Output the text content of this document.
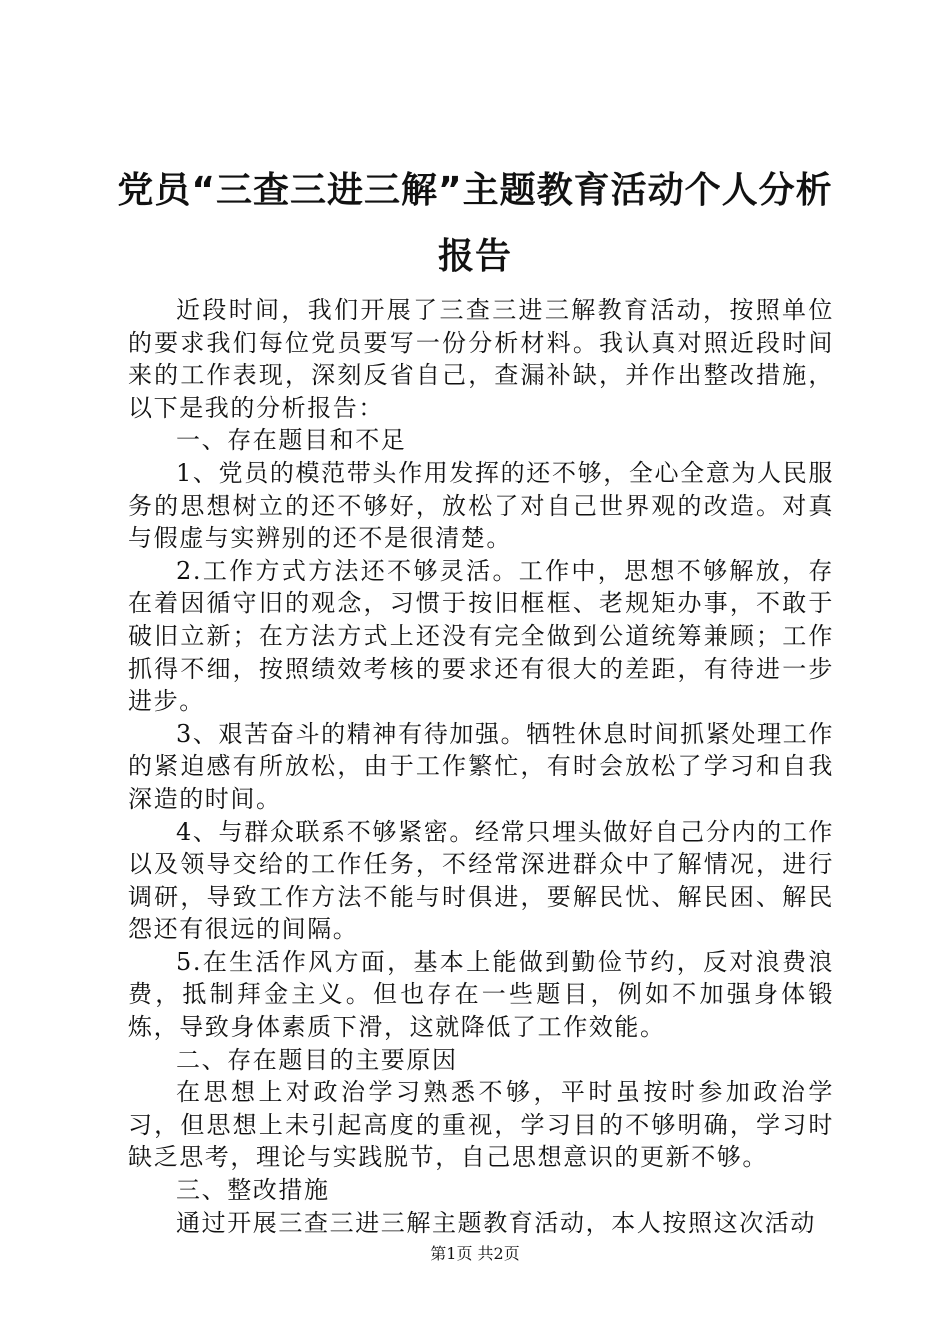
党员“三查三进三解”主题教育活动个人分析
报告

近段时间，我们开展了三查三进三解教育活动，按照单位的要求我们每位党员要写一份分析材料。我认真对照近段时间来的工作表现，深刻反省自己，查漏补缺，并作出整改措施，以下是我的分析报告：

一、存在题目和不足

1、党员的模范带头作用发挥的还不够，全心全意为人民服务的思想树立的还不够好，放松了对自己世界观的改造。对真与假虚与实辨别的还不是很清楚。

2.工作方式方法还不够灵活。工作中，思想不够解放，存在着因循守旧的观念，习惯于按旧框框、老规矩办事，不敢于破旧立新；在方法方式上还没有完全做到公道统筹兼顾；工作抓得不细，按照绩效考核的要求还有很大的差距，有待进一步进步。

3、艰苦奋斗的精神有待加强。牺牲休息时间抓紧处理工作的紧迫感有所放松，由于工作繁忙，有时会放松了学习和自我深造的时间。

4、与群众联系不够紧密。经常只埋头做好自己分内的工作以及领导交给的工作任务，不经常深进群众中了解情况，进行调研，导致工作方法不能与时俱进，要解民忧、解民困、解民怨还有很远的间隔。

5.在生活作风方面，基本上能做到勤俭节约，反对浪费浪费，抵制拜金主义。但也存在一些题目，例如不加强身体锻炼，导致身体素质下滑，这就降低了工作效能。

二、存在题目的主要原因

在思想上对政治学习熟悉不够，平时虽按时参加政治学习，但思想上未引起高度的重视，学习目的不够明确，学习时缺乏思考，理论与实践脱节，自己思想意识的更新不够。

三、整改措施

通过开展三查三进三解主题教育活动，本人按照这次活动

第1页 共2页
